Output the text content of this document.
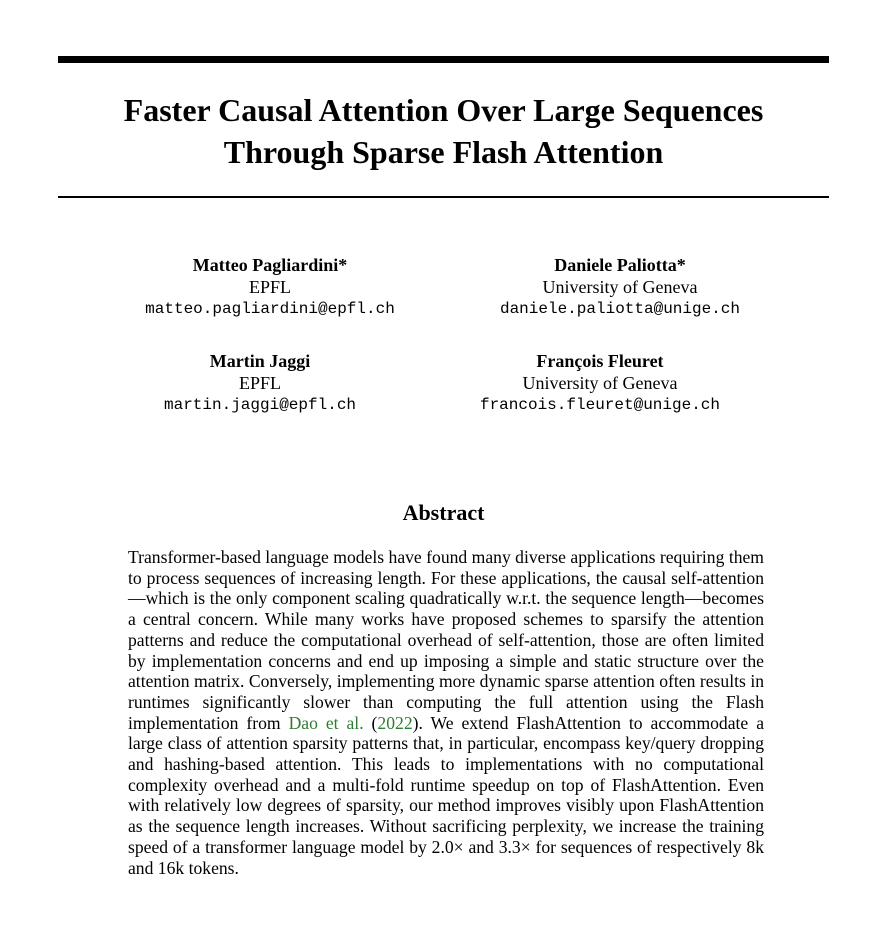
Faster Causal Attention Over Large Sequences
Through Sparse Flash Attention
Matteo Pagliardini*
EPFL
matteo.pagliardini@epfl.ch
Daniele Paliotta*
University of Geneva
daniele.paliotta@unige.ch
Martin Jaggi
EPFL
martin.jaggi@epfl.ch
François Fleuret
University of Geneva
francois.fleuret@unige.ch
Abstract
Transformer-based language models have found many diverse applications requiring them to process sequences of increasing length. For these applications, the causal self-attention—which is the only component scaling quadratically w.r.t. the sequence length—becomes a central concern. While many works have proposed schemes to sparsify the attention patterns and reduce the computational overhead of self-attention, those are often limited by implementation concerns and end up imposing a simple and static structure over the attention matrix. Conversely, implementing more dynamic sparse attention often results in runtimes significantly slower than computing the full attention using the Flash implementation from Dao et al. (2022). We extend FlashAttention to accommodate a large class of attention sparsity patterns that, in particular, encompass key/query dropping and hashing-based attention. This leads to implementations with no computational complexity overhead and a multi-fold runtime speedup on top of FlashAttention. Even with relatively low degrees of sparsity, our method improves visibly upon FlashAttention as the sequence length increases. Without sacrificing perplexity, we increase the training speed of a transformer language model by 2.0× and 3.3× for sequences of respectively 8k and 16k tokens.
